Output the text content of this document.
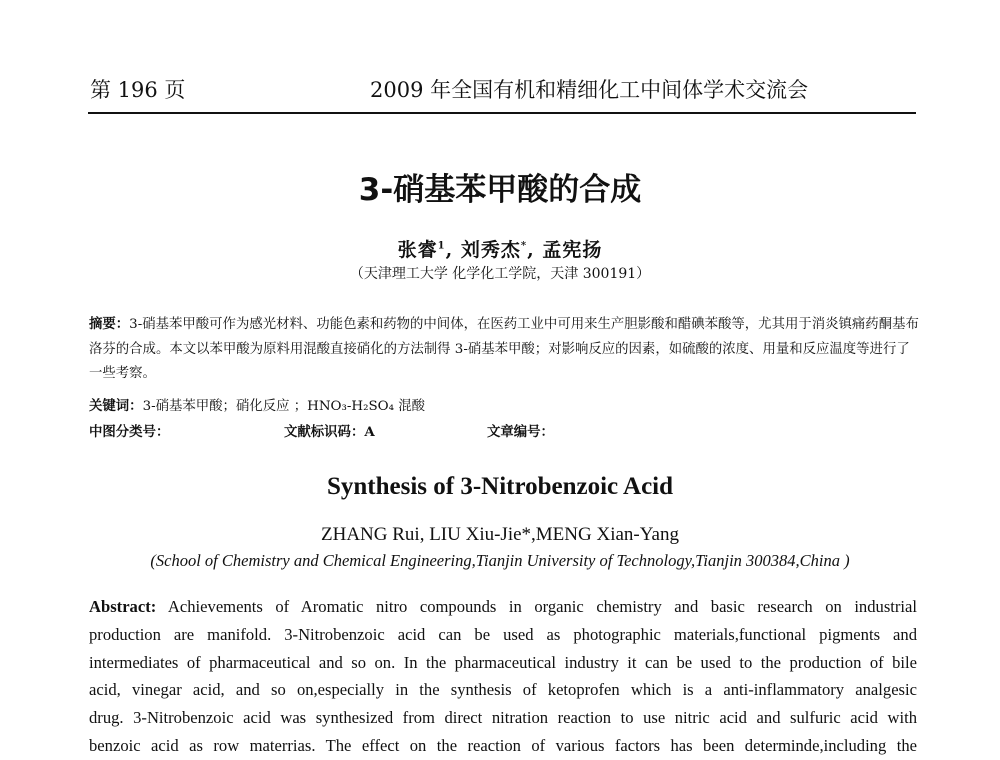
第 196 页	2009 年全国有机和精细化工中间体学术交流会
3-硝基苯甲酸的合成
张睿$^1$, 刘秀杰*, 孟宪扬
（天津理工大学 化学化工学院，天津 300191）
摘要：3-硝基苯甲酸可作为感光材料、功能色素和药物的中间体，在医药工业中可用来生产胆影酸和醋碘苯酸等，尤其用于消炎镇痛药酮基布洛芬的合成。本文以苯甲酸为原料用混酸直接硝化的方法制得 3-硝基苯甲酸；对影响反应的因素，如硫酸的浓度、用量和反应温度等进行了一些考察。
关键词：3-硝基苯甲酸；硝化反应 ；HNO₃-H₂SO₄ 混酸
中图分类号：	文献标识码：A	文章编号：
Synthesis of 3-Nitrobenzoic Acid
ZHANG Rui, LIU Xiu-Jie*,MENG Xian-Yang
(School of Chemistry and Chemical Engineering,Tianjin University of Technology,Tianjin 300384,China )
Abstract: Achievements of Aromatic nitro compounds in organic chemistry and basic research on industrial
production are manifold. 3-Nitrobenzoic acid can be used as photographic materials,functional pigments and
intermediates of pharmaceutical and so on. In the pharmaceutical industry it can be used to the production of bile
acid, vinegar acid, and so on,especially in the synthesis of ketoprofen which is a anti-inflammatory analgesic
drug. 3-Nitrobenzoic acid was synthesized from direct nitration reaction to use nitric acid and sulfuric acid with
benzoic acid as row materrias. The effect on the reaction of various factors has been determinde,including the
